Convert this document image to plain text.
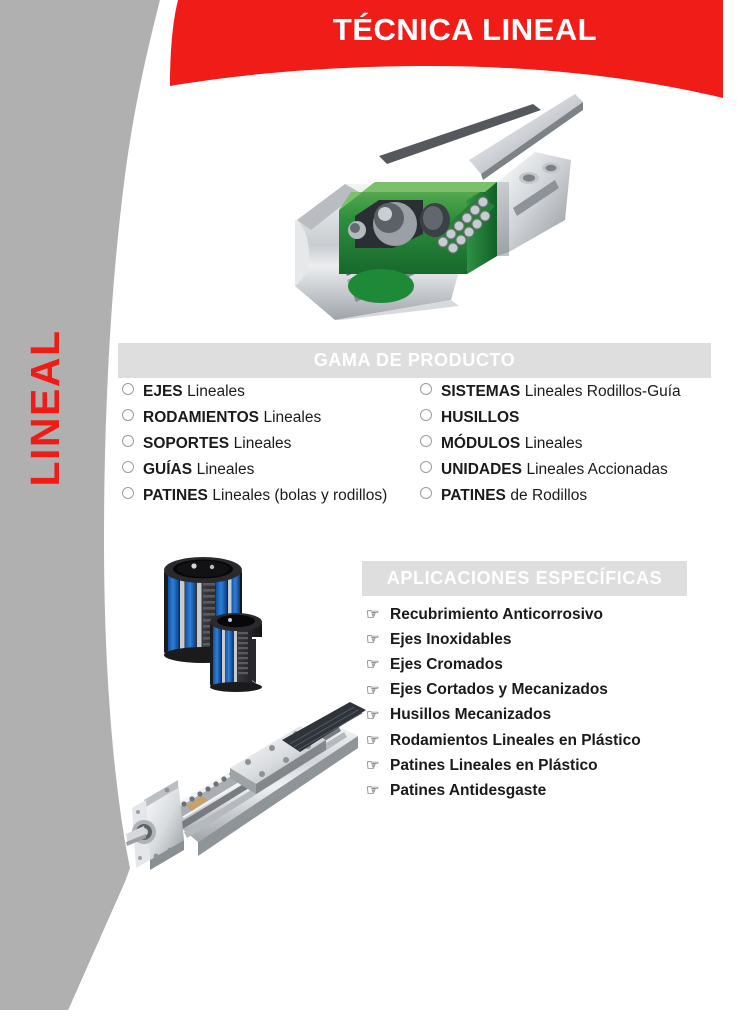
LINEAL
TÉCNICA LINEAL
GAMA DE PRODUCTO
EJES Lineales
RODAMIENTOS Lineales
SOPORTES Lineales
GUÍAS Lineales
PATINES Lineales (bolas y rodillos)
SISTEMAS Lineales Rodillos-Guía
HUSILLOS
MÓDULOS Lineales
UNIDADES Lineales Accionadas
PATINES de Rodillos
APLICACIONES ESPECÍFICAS
☞ Recubrimiento Anticorrosivo
☞ Ejes Inoxidables
☞ Ejes Cromados
☞ Ejes Cortados y Mecanizados
☞ Husillos Mecanizados
☞ Rodamientos Lineales en Plástico
☞ Patines Lineales en Plástico
☞ Patines Antidesgaste
